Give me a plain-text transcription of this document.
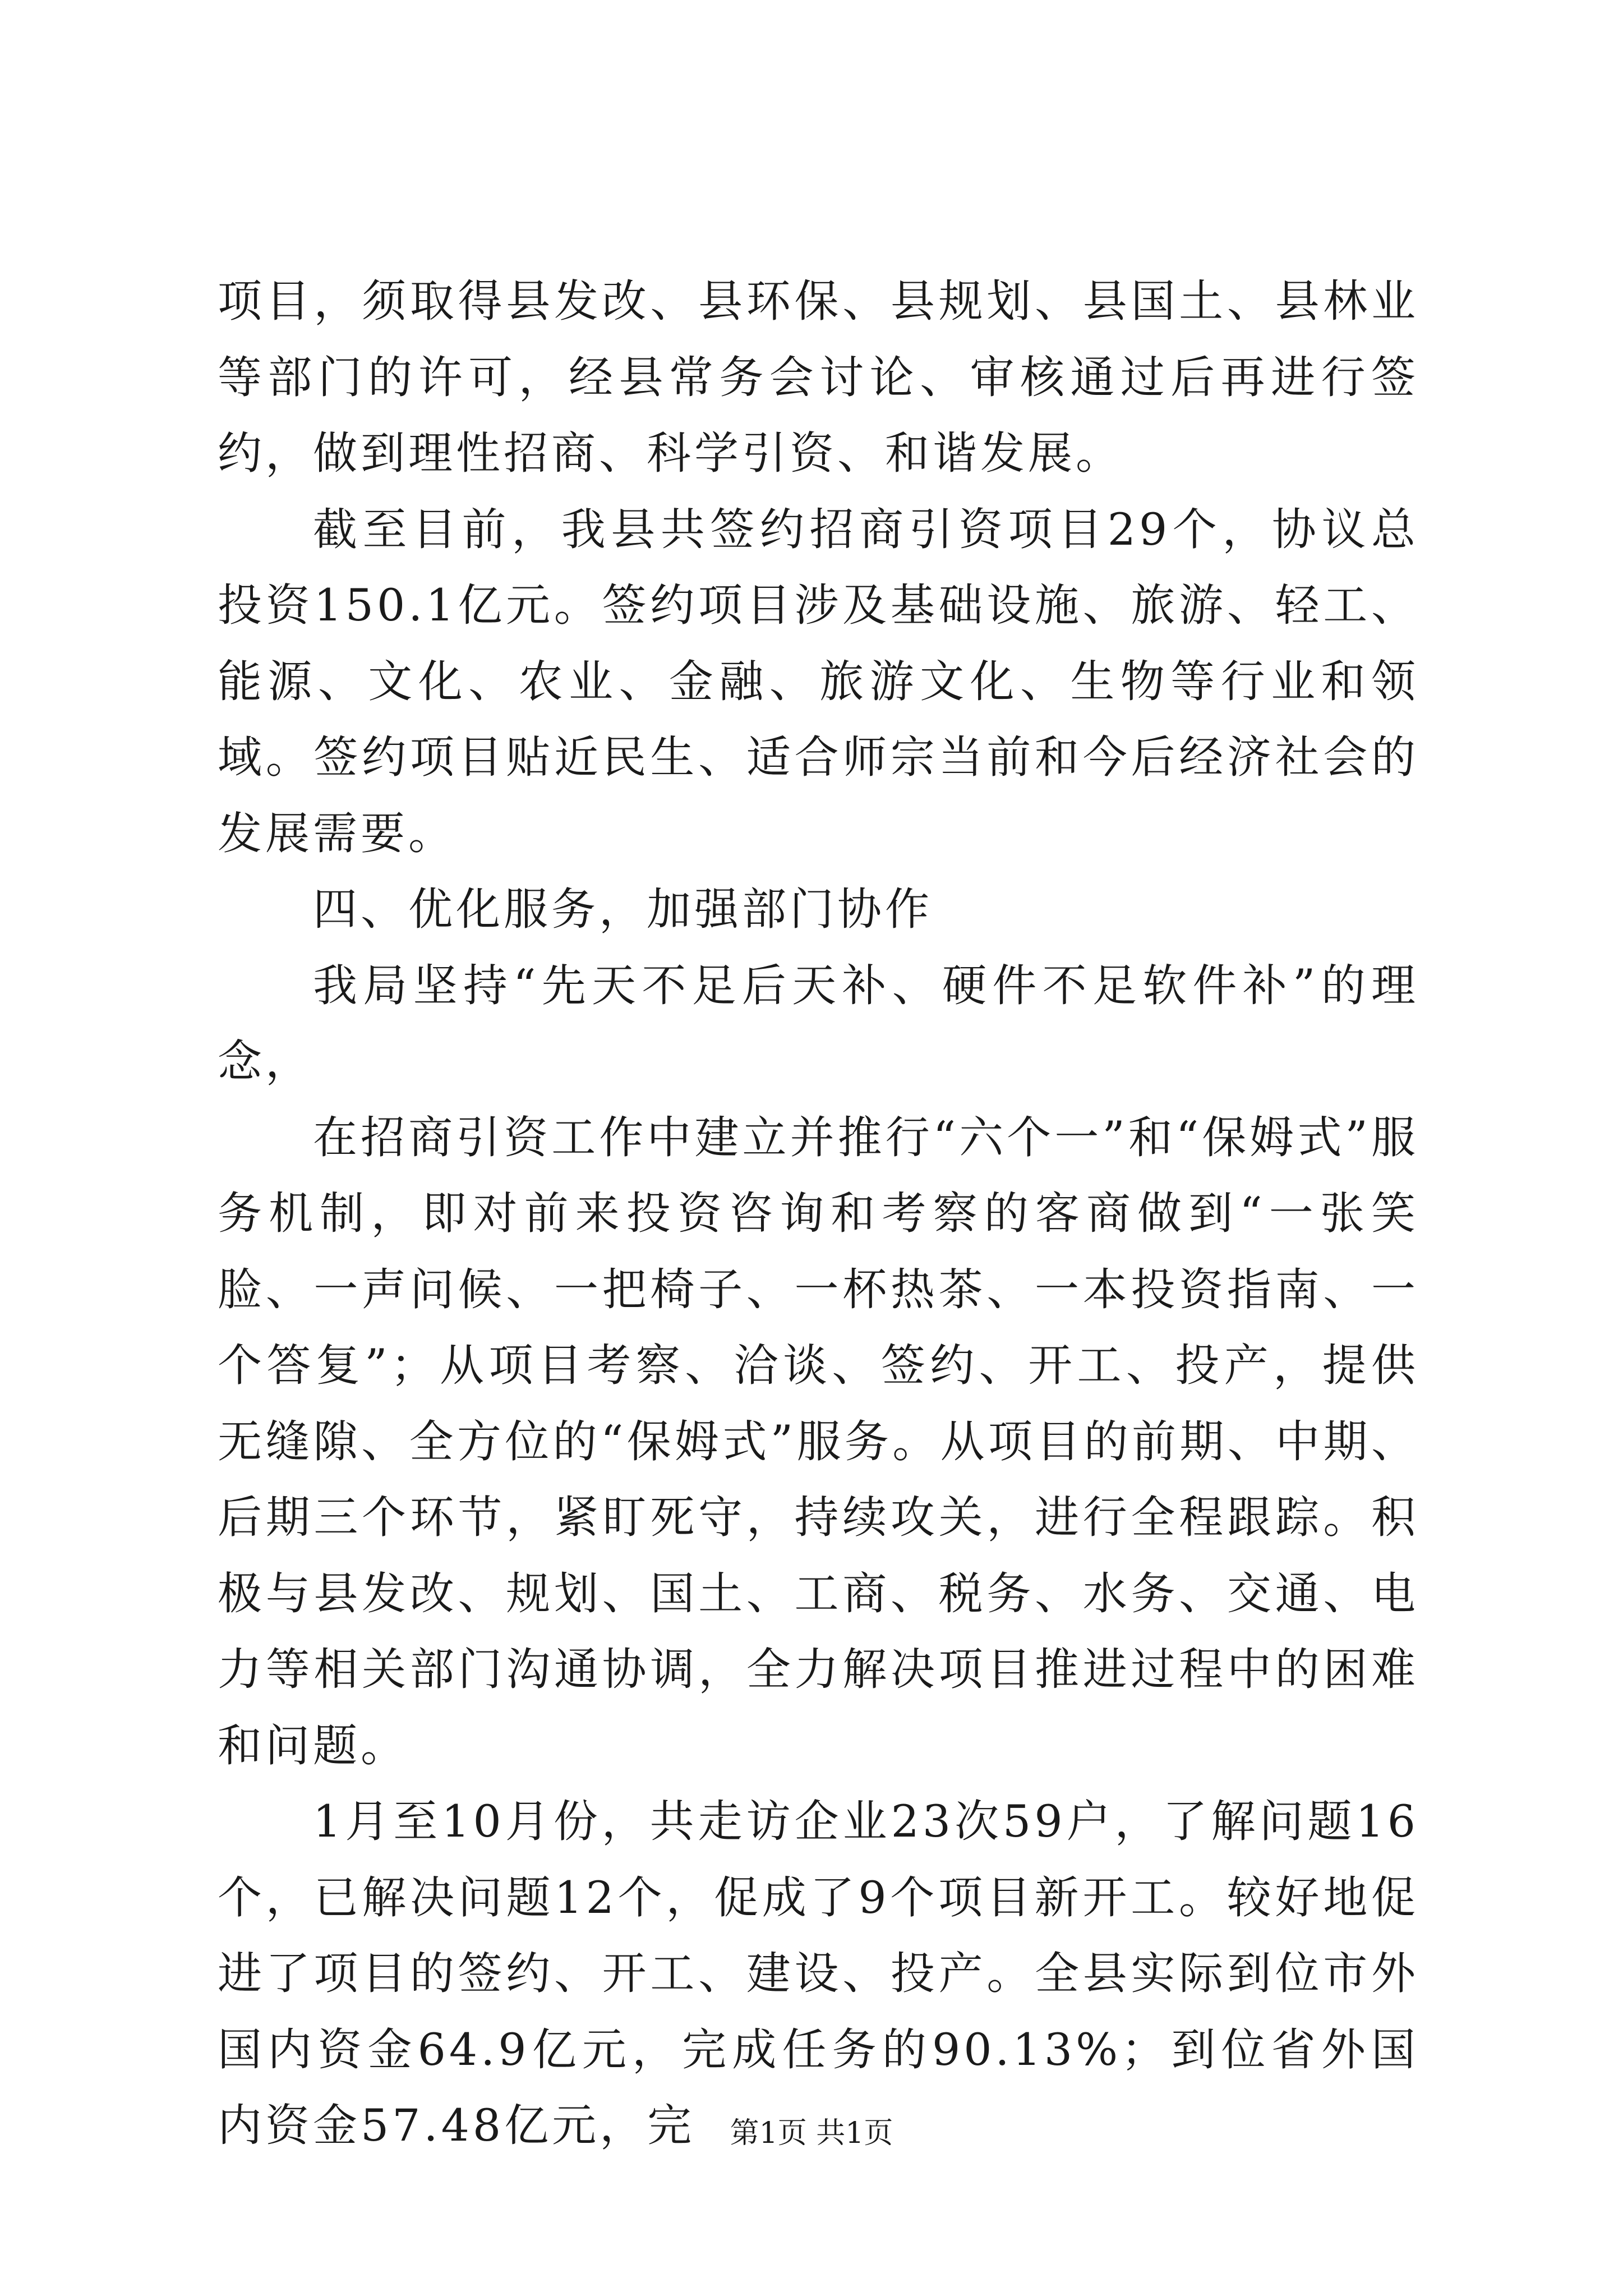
项目，须取得县发改、县环保、县规划、县国土、县林业等部门的许可，经县常务会讨论、审核通过后再进行签约，做到理性招商、科学引资、和谐发展。

截至目前，我县共签约招商引资项目29个，协议总投资150.1亿元。签约项目涉及基础设施、旅游、轻工、能源、文化、农业、金融、旅游文化、生物等行业和领域。签约项目贴近民生、适合师宗当前和今后经济社会的发展需要。

四、优化服务，加强部门协作

我局坚持“先天不足后天补、硬件不足软件补”的理念，

在招商引资工作中建立并推行“六个一”和“保姆式”服务机制，即对前来投资咨询和考察的客商做到“一张笑脸、一声问候、一把椅子、一杯热茶、一本投资指南、一个答复”；从项目考察、洽谈、签约、开工、投产，提供无缝隙、全方位的“保姆式”服务。从项目的前期、中期、后期三个环节，紧盯死守，持续攻关，进行全程跟踪。积极与县发改、规划、国土、工商、税务、水务、交通、电力等相关部门沟通协调，全力解决项目推进过程中的困难和问题。

1月至10月份，共走访企业23次59户，了解问题16个，已解决问题12个，促成了9个项目新开工。较好地促进了项目的签约、开工、建设、投产。全县实际到位市外国内资金64.9亿元，完成任务的90.13%；到位省外国内资金57.48亿元，完	第1页 共1页
